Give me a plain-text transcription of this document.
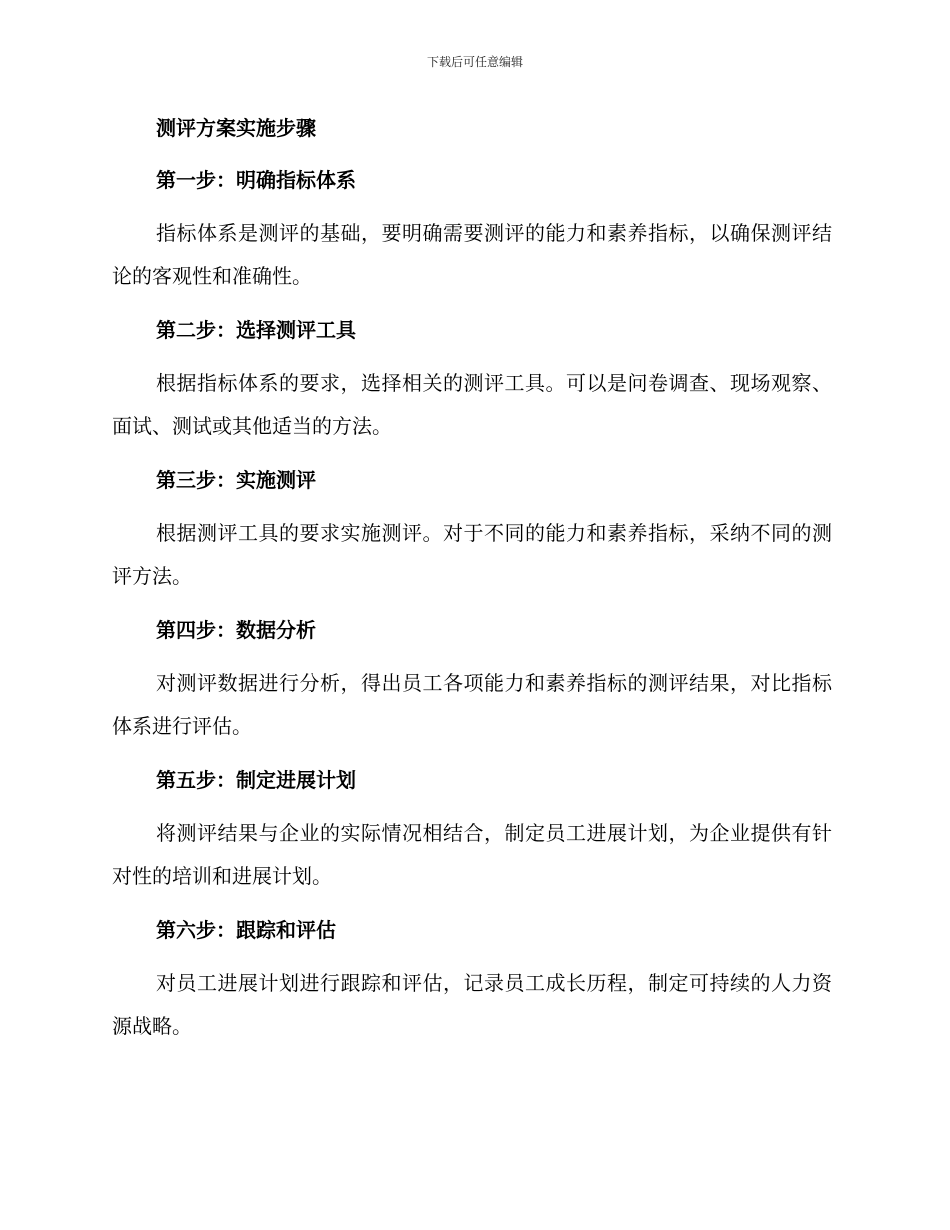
下载后可任意编辑

测评方案实施步骤

第一步：明确指标体系

指标体系是测评的基础，要明确需要测评的能力和素养指标，以确保测评结论的客观性和准确性。

第二步：选择测评工具

根据指标体系的要求，选择相关的测评工具。可以是问卷调查、现场观察、面试、测试或其他适当的方法。

第三步：实施测评

根据测评工具的要求实施测评。对于不同的能力和素养指标，采纳不同的测评方法。

第四步：数据分析

对测评数据进行分析，得出员工各项能力和素养指标的测评结果，对比指标体系进行评估。

第五步：制定进展计划

将测评结果与企业的实际情况相结合，制定员工进展计划，为企业提供有针对性的培训和进展计划。

第六步：跟踪和评估

对员工进展计划进行跟踪和评估，记录员工成长历程，制定可持续的人力资源战略。
